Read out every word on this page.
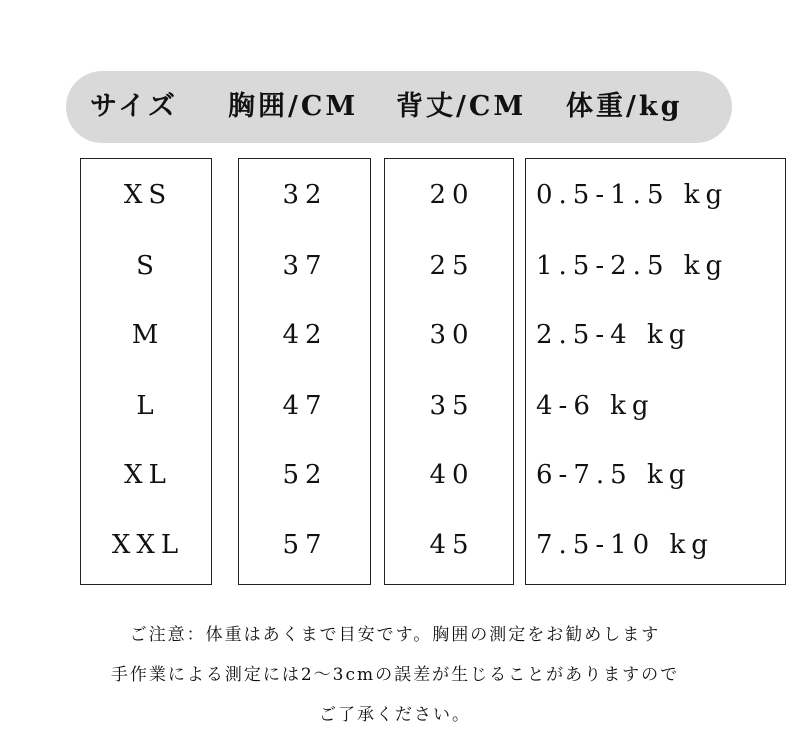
サイズ 胸囲/CM 背丈/CM 体重/kg
XS	32	20 0.5-1.5 kg
S	37	25 1.5-2.5 kg
M	42	30 2.5-4 kg
L	47	35 4-6 kg
XL	52	40 6-7.5 kg
XXL	57	45 7.5-10 kg
ご注意：体重はあくまで目安です。胸囲の測定をお勧めします
手作業による測定には2～3cmの誤差が生じることがありますので
ご了承ください。
